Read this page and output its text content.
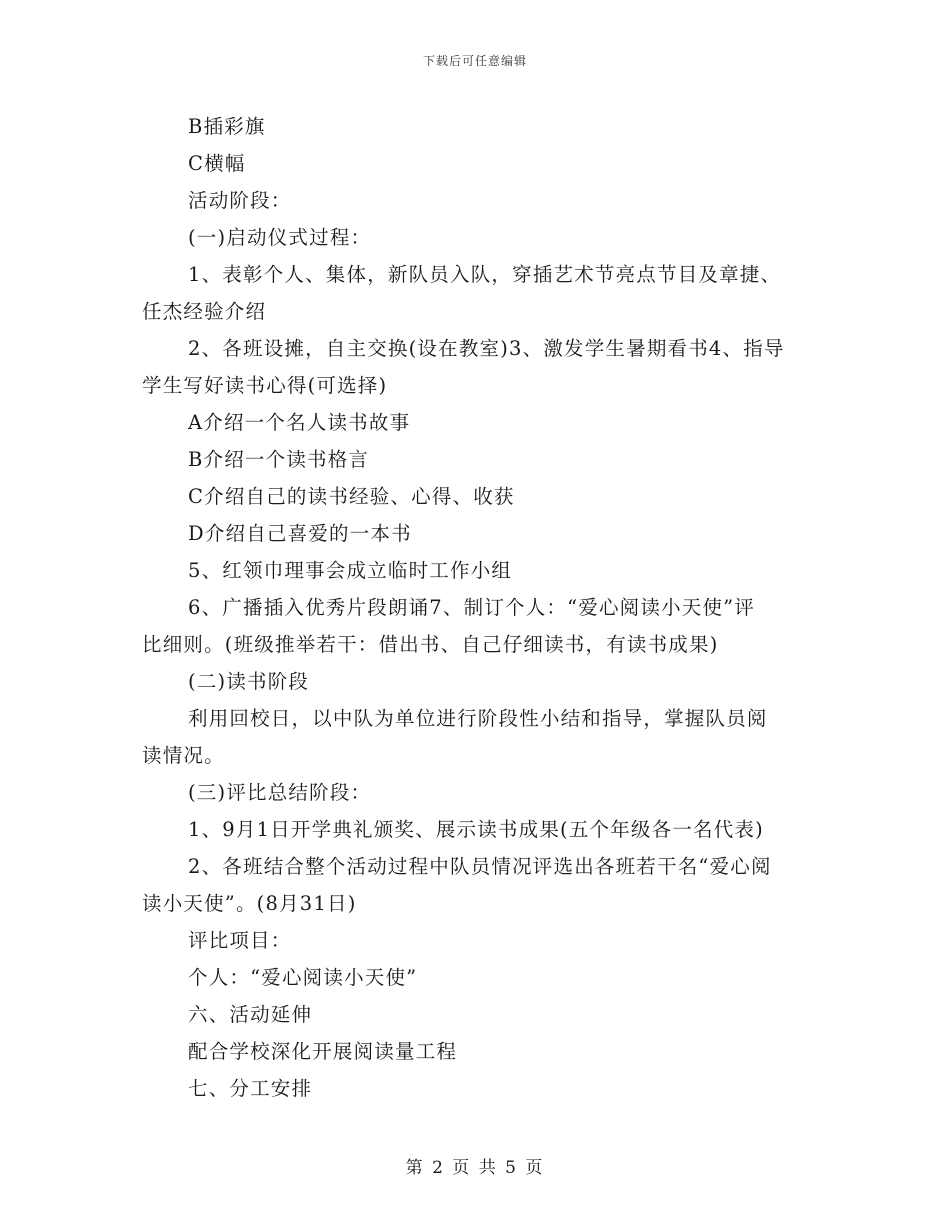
下载后可任意编辑
B插彩旗
C横幅
活动阶段：
(一)启动仪式过程：
1、表彰个人、集体，新队员入队，穿插艺术节亮点节目及章捷、
任杰经验介绍
2、各班设摊，自主交换(设在教室)3、激发学生暑期看书4、指导
学生写好读书心得(可选择)
A介绍一个名人读书故事
B介绍一个读书格言
C介绍自己的读书经验、心得、收获
D介绍自己喜爱的一本书
5、红领巾理事会成立临时工作小组
6、广播插入优秀片段朗诵7、制订个人：“爱心阅读小天使”评
比细则。(班级推举若干：借出书、自己仔细读书，有读书成果)
(二)读书阶段
利用回校日，以中队为单位进行阶段性小结和指导，掌握队员阅
读情况。
(三)评比总结阶段：
1、9月1日开学典礼颁奖、展示读书成果(五个年级各一名代表)
2、各班结合整个活动过程中队员情况评选出各班若干名“爱心阅
读小天使”。(8月31日)
评比项目：
个人：“爱心阅读小天使”
六、活动延伸
配合学校深化开展阅读量工程
七、分工安排
第 2 页 共 5 页
